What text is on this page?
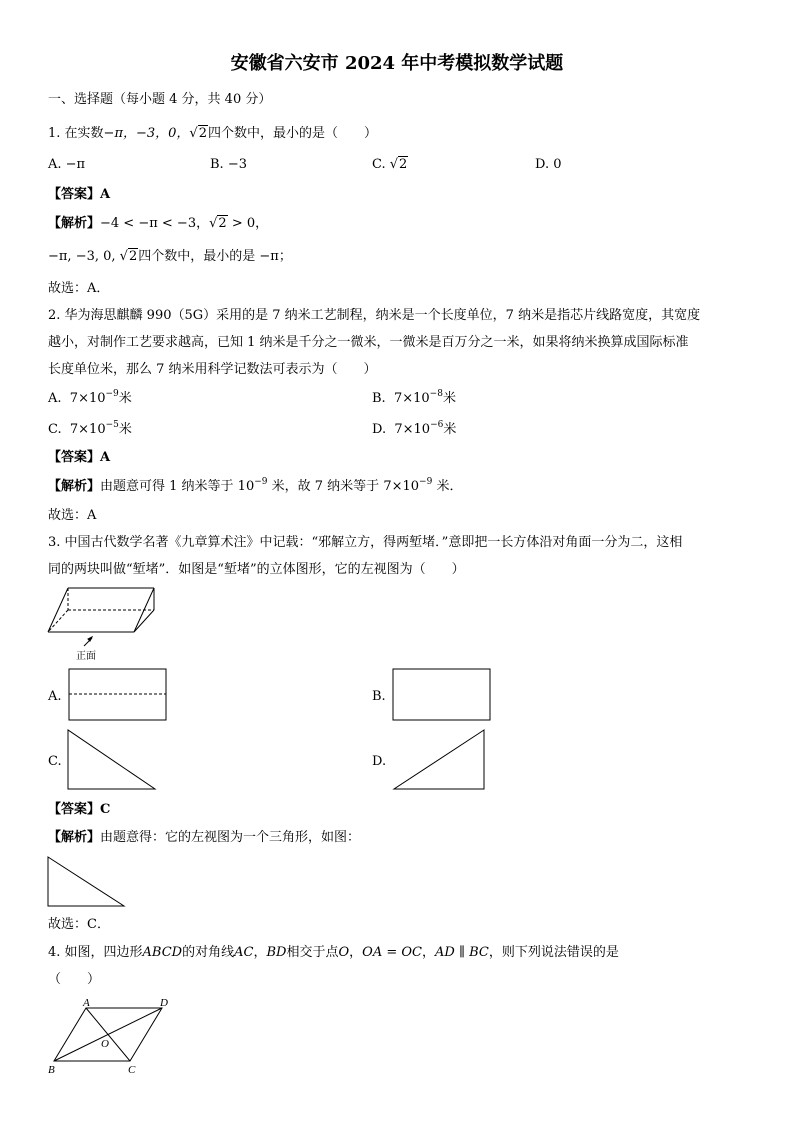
安徽省六安市 2024 年中考模拟数学试题
一、选择题（每小题 4 分，共 40 分）
1. 在实数−π，−3，0，√2四个数中，最小的是（　　）
A. −π	B. −3	C. √2	D. 0
【答案】A
【解析】−4 < −π < −3，√2 > 0，
−π, −3, 0, √2四个数中，最小的是 −π；
故选：A．
2. 华为海思麒麟 990（5G）采用的是 7 纳米工艺制程，纳米是一个长度单位，7 纳米是指芯片线路宽度，其宽度
越小，对制作工艺要求越高，已知 1 纳米是千分之一微米，一微米是百万分之一米，如果将纳米换算成国际标准
长度单位米，那么 7 纳米用科学记数法可表示为（　　）
A. $7\times 10^{-9}$米	B. $7\times 10^{-8}$米
C. $7\times 10^{-5}$米	D. $7\times 10^{-6}$米
【答案】A
【解析】由题意可得 1 纳米等于 $10^{-9}$ 米，故 7 纳米等于 $7\times 10^{-9}$ 米．
故选：A
3. 中国古代数学名著《九章算术注》中记载：“邪解立方，得两堑堵．”意即把一长方体沿对角面一分为二，这相
同的两块叫做“堑堵”．如图是“堑堵”的立体图形，它的左视图为（　　）
正面
A.	B.
C.	D.
【答案】C
【解析】由题意得：它的左视图为一个三角形，如图：
故选：C．
4. 如图，四边形ABCD的对角线AC，BD相交于点O，OA = OC，AD ∥ BC，则下列说法错误的是
（　　）
A	D
O
B	C
